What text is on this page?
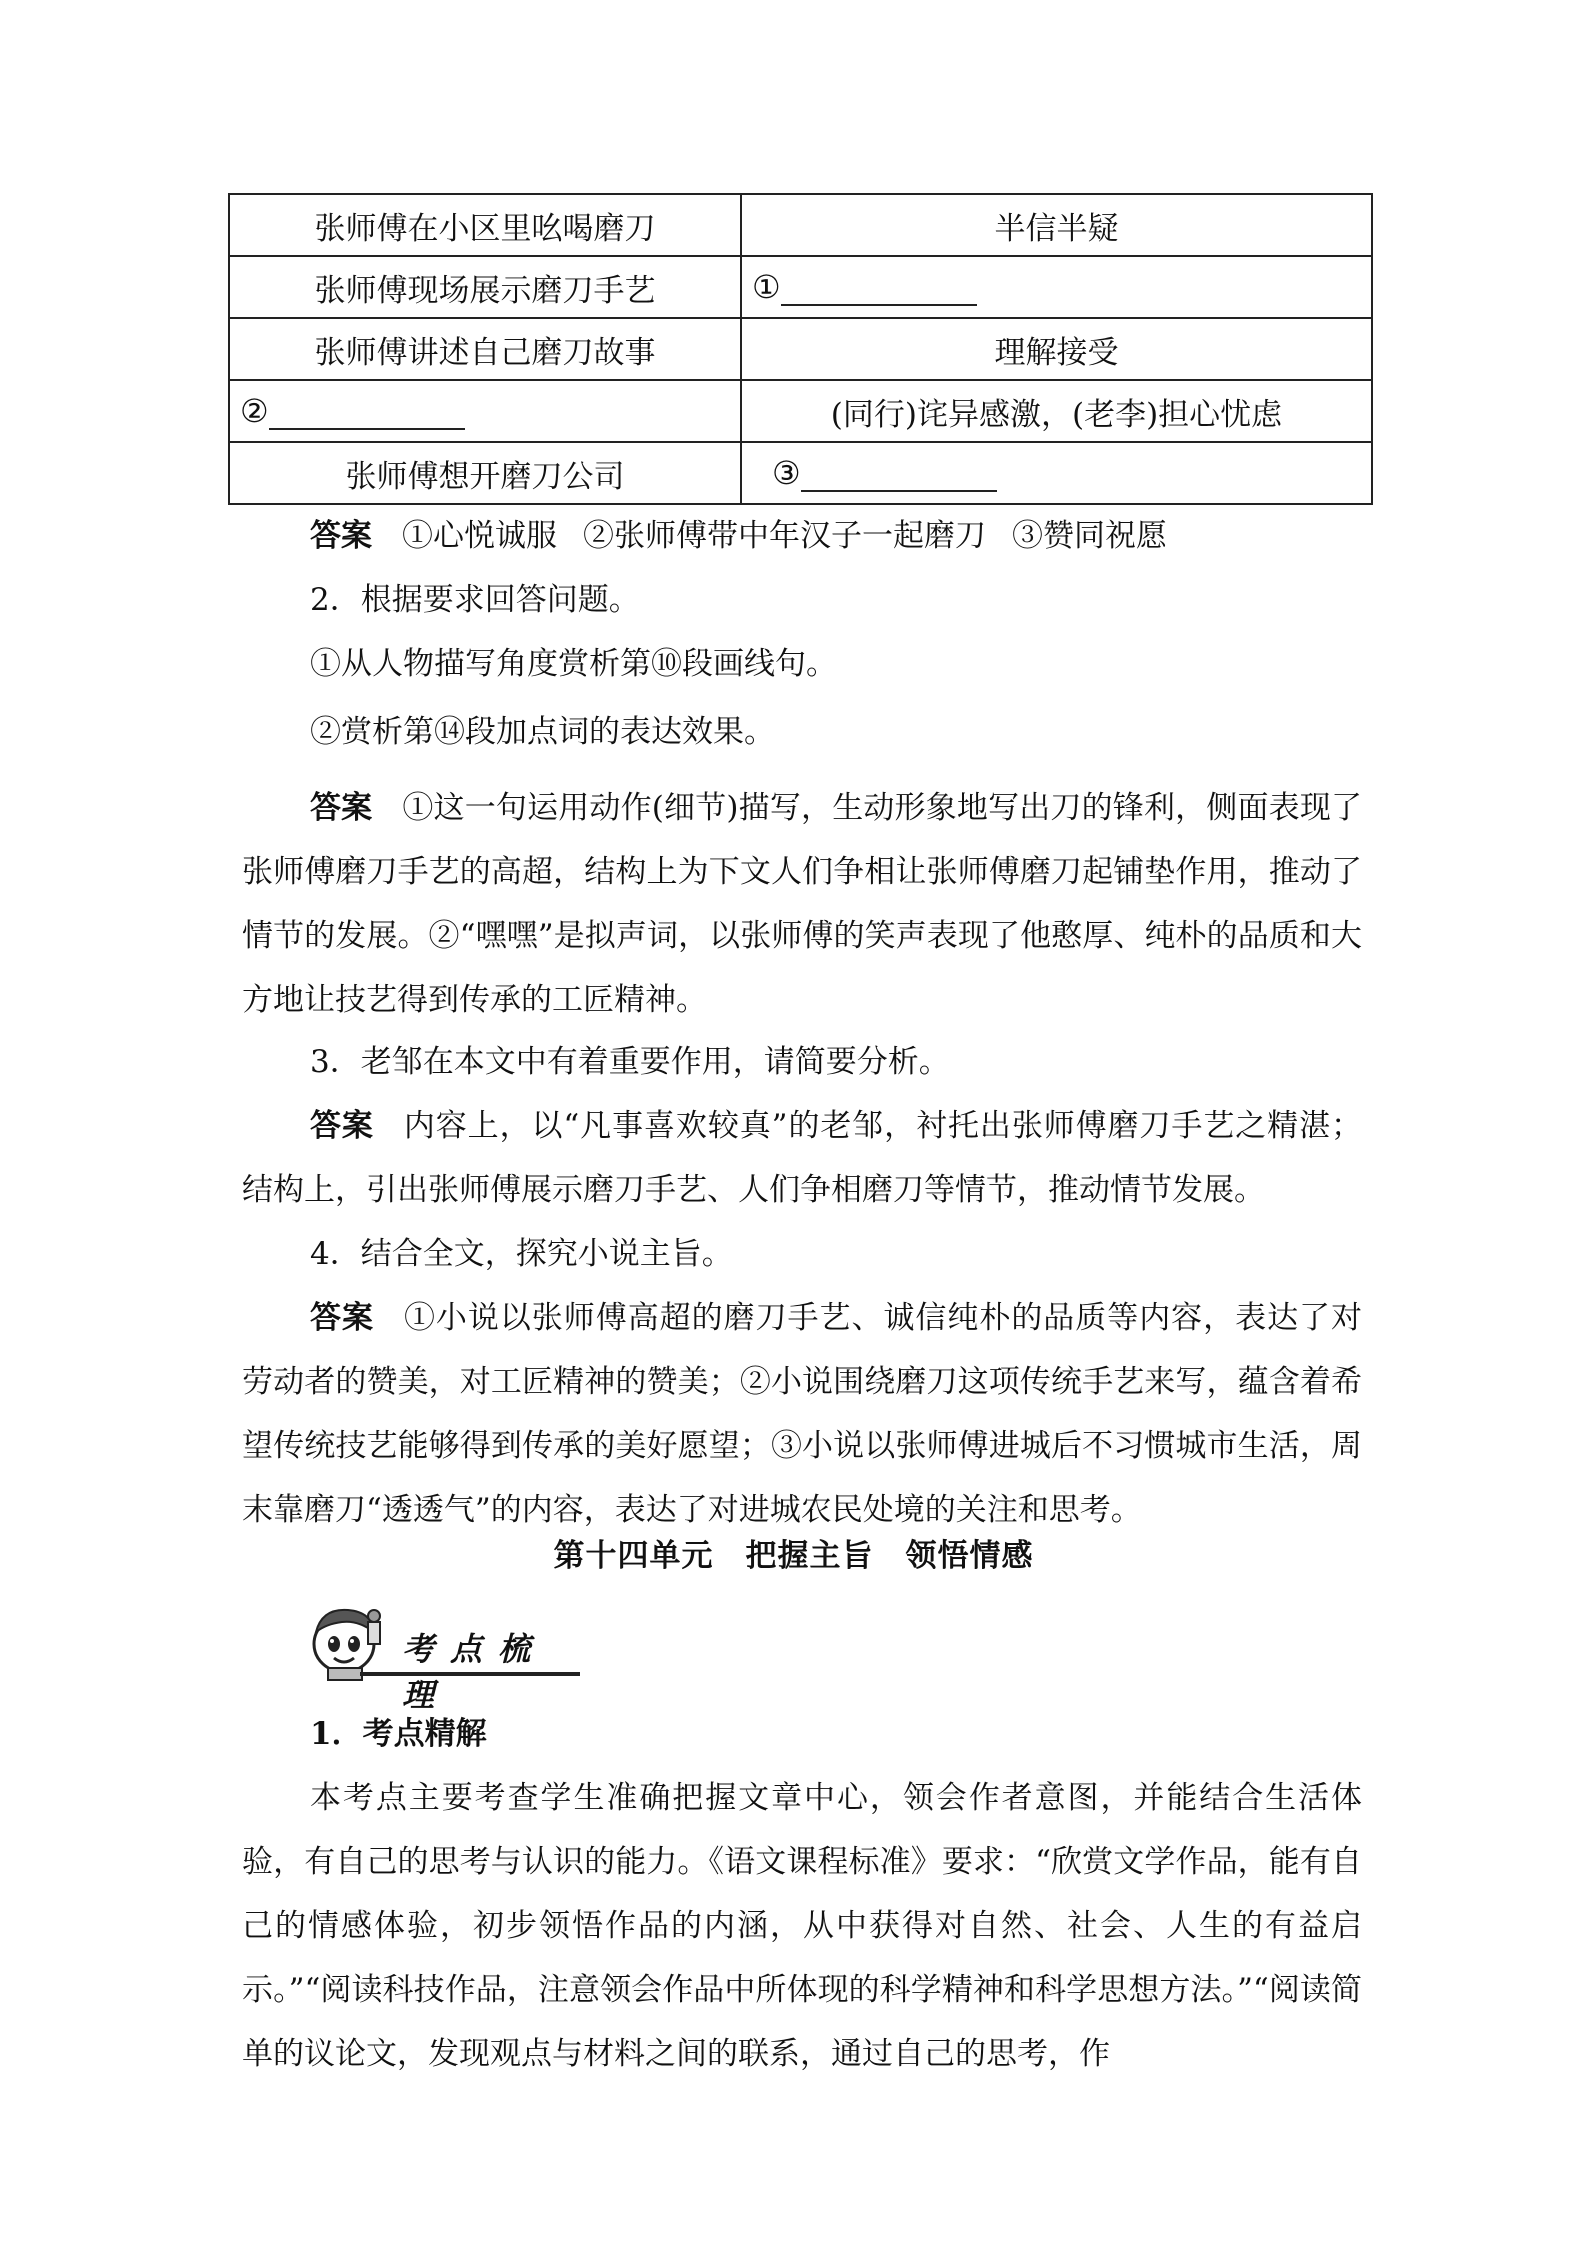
张师傅在小区里吆喝磨刀	半信半疑
张师傅现场展示磨刀手艺	①
张师傅讲述自己磨刀故事	理解接受
②	(同行)诧异感激，(老李)担心忧虑
张师傅想开磨刀公司	③

答案 ①心悦诚服 ②张师傅带中年汉子一起磨刀 ③赞同祝愿

2．根据要求回答问题。

①从人物描写角度赏析第⑩段画线句。

②赏析第⑭段加点词的表达效果。

答案 ①这一句运用动作(细节)描写，生动形象地写出刀的锋利，侧面表现了张师傅磨刀手艺的高超，结构上为下文人们争相让张师傅磨刀起铺垫作用，推动了情节的发展。②“嘿嘿”是拟声词，以张师傅的笑声表现了他憨厚、纯朴的品质和大方地让技艺得到传承的工匠精神。

3．老邹在本文中有着重要作用，请简要分析。

答案 内容上，以“凡事喜欢较真”的老邹，衬托出张师傅磨刀手艺之精湛；结构上，引出张师傅展示磨刀手艺、人们争相磨刀等情节，推动情节发展。

4．结合全文，探究小说主旨。

答案 ①小说以张师傅高超的磨刀手艺、诚信纯朴的品质等内容，表达了对劳动者的赞美，对工匠精神的赞美；②小说围绕磨刀这项传统手艺来写，蕴含着希望传统技艺能够得到传承的美好愿望；③小说以张师傅进城后不习惯城市生活，周末靠磨刀“透透气”的内容，表达了对进城农民处境的关注和思考。

第十四单元　把握主旨　领悟情感
考点梳理

1．考点精解

本考点主要考查学生准确把握文章中心，领会作者意图，并能结合生活体验，有自己的思考与认识的能力。《语文课程标准》要求：“欣赏文学作品，能有自己的情感体验，初步领悟作品的内涵，从中获得对自然、社会、人生的有益启示。”“阅读科技作品，注意领会作品中所体现的科学精神和科学思想方法。”“阅读简单的议论文，发现观点与材料之间的联系，通过自己的思考，作
